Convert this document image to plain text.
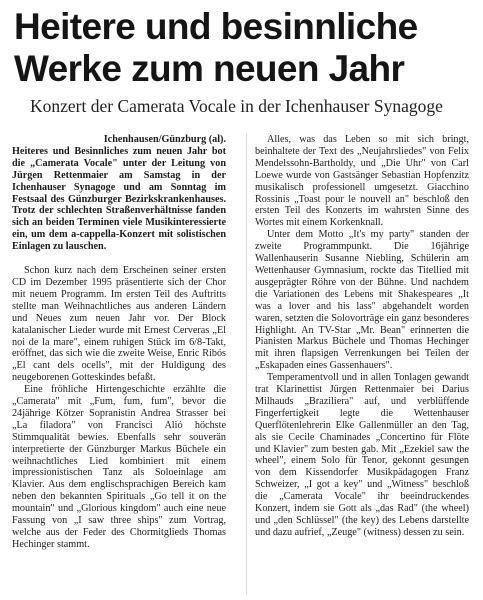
Heitere und besinnliche
Werke zum neuen Jahr
Konzert der Camerata Vocale in der Ichenhauser Synagoge

Ichenhausen/Günzburg (al).
Heiteres und Besinnliches zum neuen Jahr bot die „Camerata Vocale" unter der Leitung von Jürgen Rettenmaier am Samstag in der Ichenhauser Synagoge und am Sonntag im Festsaal des Günzburger Bezirkskrankenhauses. Trotz der schlechten Straßenverhältnisse fanden sich an beiden Terminen viele Musikinteressierte ein, um dem a-cappella-Konzert mit solistischen Einlagen zu lauschen.

Schon kurz nach dem Erscheinen seiner ersten CD im Dezember 1995 präsentierte sich der Chor mit neuem Programm. Im ersten Teil des Auftritts stellte man Weihnachtliches aus anderen Ländern und Neues zum neuen Jahr vor. Der Block katalanischer Lieder wurde mit Ernest Cerveras „El noi de la mare", einem ruhigen Stück im 6/8-Takt, eröffnet, das sich wie die zweite Weise, Enric Ribós „El cant dels ocells", mit der Huldigung des neugeborenen Gotteskindes befaßt.

Eine fröhliche Hirtengeschichte erzählte die „Camerata" mit „Fum, fum, fum", bevor die 24jährige Kötzer Sopranistin Andrea Strasser bei „La filadora" von Francisci Alió höchste Stimmqualität bewies. Ebenfalls sehr souverän interpretierte der Günzburger Markus Büchele ein weihnachtliches Lied kombiniert mit einem impressionistischen Tanz als Soloeinlage am Klavier. Aus dem englischsprachigen Bereich kam neben den bekannten Spirituals „Go tell it on the mountain" und „Glorious kingdom" auch eine neue Fassung von „I saw three ships" zum Vortrag, welche aus der Feder des Chormitglieds Thomas Hechinger stammt.

Alles, was das Leben so mit sich bringt, beinhaltete der Text des „Neujahrsliedes" von Felix Mendelssohn-Bartholdy, und „Die Uhr" von Carl Loewe wurde von Gastsänger Sebastian Hopfenzitz musikalisch professionell umgesetzt. Giacchino Rossinis „Toast pour le nouvell an" beschloß den ersten Teil des Konzerts im wahrsten Sinne des Wortes mit einem Korkenknall.

Unter dem Motto „It's my party" standen der zweite Programmpunkt. Die 16jährige Wallenhauserin Susanne Niebling, Schülerin am Wettenhauser Gymnasium, rockte das Titellied mit ausgeprägter Röhre von der Bühne. Und nachdem die Variationen des Lebens mit Shakespeares „It was a lover and his lass" abgehandelt worden waren, setzten die Solovorträge ein ganz besonderes Highlight. An TV-Star „Mr. Bean" erinnerten die Pianisten Markus Büchele und Thomas Hechinger mit ihren flapsigen Verrenkungen bei Teilen der „Eskapaden eines Gassenhauers".

Temperamentvoll und in allen Tonlagen gewandt trat Klarinettist Jürgen Rettenmaier bei Darius Milhauds „Braziliera" auf, und verblüffende Fingerfertigkeit legte die Wettenhauser Querflötenlehrerin Elke Gallenmüller an den Tag, als sie Cecile Chaminades „Concertino für Flöte und Klavier" zum besten gab. Mit „Ezekiel saw the wheel", einem Solo für Tenor, gekonnt gesungen von dem Kissendorfer Musikpädagogen Franz Schweizer, „I got a key" und „Witness" beschloß die „Camerata Vocale" ihr beeindruckendes Konzert, indem sie Gott als „das Rad" (the wheel) und „den Schlüssel" (the key) des Lebens darstellte und dazu aufrief, „Zeuge" (witness) dessen zu sein.
